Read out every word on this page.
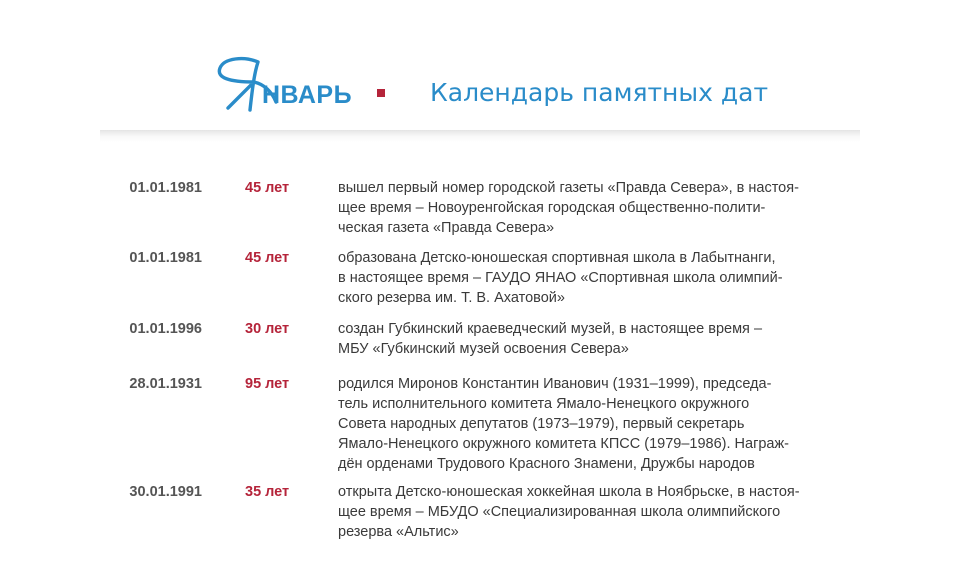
НВАРЬ	Календарь памятных дат
01.01.1981	45 лет	вышел первый номер городской газеты «Правда Севера», в настоя-
щее время – Новоуренгойская городская общественно-полити-
ческая газета «Правда Севера»
01.01.1981	45 лет	образована Детско-юношеская спортивная школа в Лабытнанги,
в настоящее время – ГАУДО ЯНАО «Спортивная школа олимпий-
ского резерва им. Т. В. Ахатовой»
01.01.1996	30 лет	создан Губкинский краеведческий музей, в настоящее время –
МБУ «Губкинский музей освоения Севера»
28.01.1931	95 лет	родился Миронов Константин Иванович (1931–1999), председа-
тель исполнительного комитета Ямало-Ненецкого окружного
Совета народных депутатов (1973–1979), первый секретарь
Ямало-Ненецкого окружного комитета КПСС (1979–1986). Награж-
дён орденами Трудового Красного Знамени, Дружбы народов
30.01.1991	35 лет	открыта Детско-юношеская хоккейная школа в Ноябрьске, в настоя-
щее время – МБУДО «Специализированная школа олимпийского
резерва «Альтис»
